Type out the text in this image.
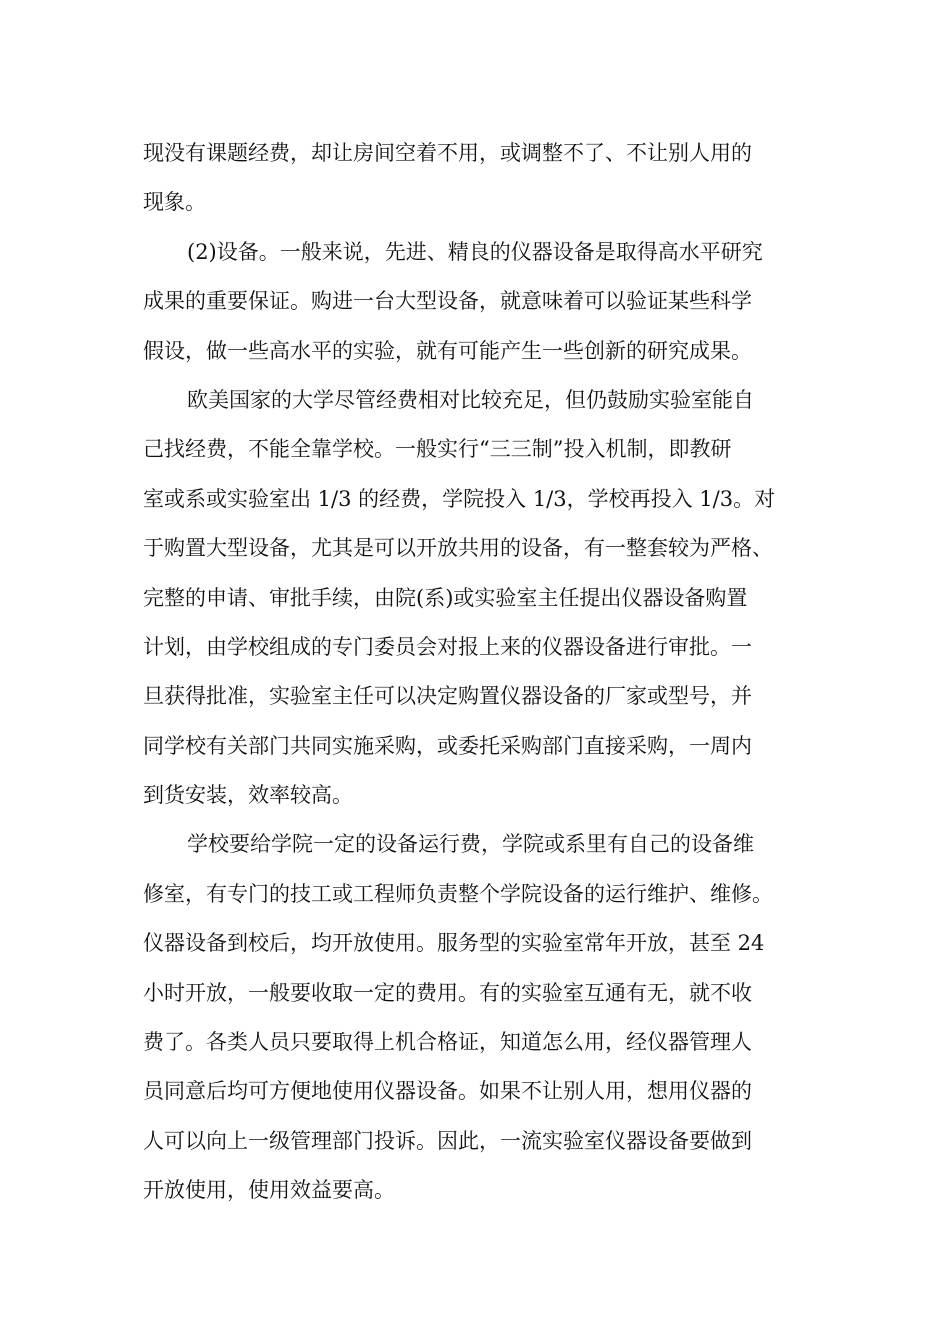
现没有课题经费，却让房间空着不用，或调整不了、不让别人用的
现象。
(2)设备。一般来说，先进、精良的仪器设备是取得高水平研究
成果的重要保证。购进一台大型设备，就意味着可以验证某些科学
假设，做一些高水平的实验，就有可能产生一些创新的研究成果。
欧美国家的大学尽管经费相对比较充足，但仍鼓励实验室能自
己找经费，不能全靠学校。一般实行“三三制”投入机制，即教研
室或系或实验室出 1/3 的经费，学院投入 1/3，学校再投入 1/3。对
于购置大型设备，尤其是可以开放共用的设备，有一整套较为严格、
完整的申请、审批手续，由院(系)或实验室主任提出仪器设备购置
计划，由学校组成的专门委员会对报上来的仪器设备进行审批。一
旦获得批准，实验室主任可以决定购置仪器设备的厂家或型号，并
同学校有关部门共同实施采购，或委托采购部门直接采购，一周内
到货安装，效率较高。
学校要给学院一定的设备运行费，学院或系里有自己的设备维
修室，有专门的技工或工程师负责整个学院设备的运行维护、维修。
仪器设备到校后，均开放使用。服务型的实验室常年开放，甚至 24
小时开放，一般要收取一定的费用。有的实验室互通有无，就不收
费了。各类人员只要取得上机合格证，知道怎么用，经仪器管理人
员同意后均可方便地使用仪器设备。如果不让别人用，想用仪器的
人可以向上一级管理部门投诉。因此，一流实验室仪器设备要做到
开放使用，使用效益要高。
